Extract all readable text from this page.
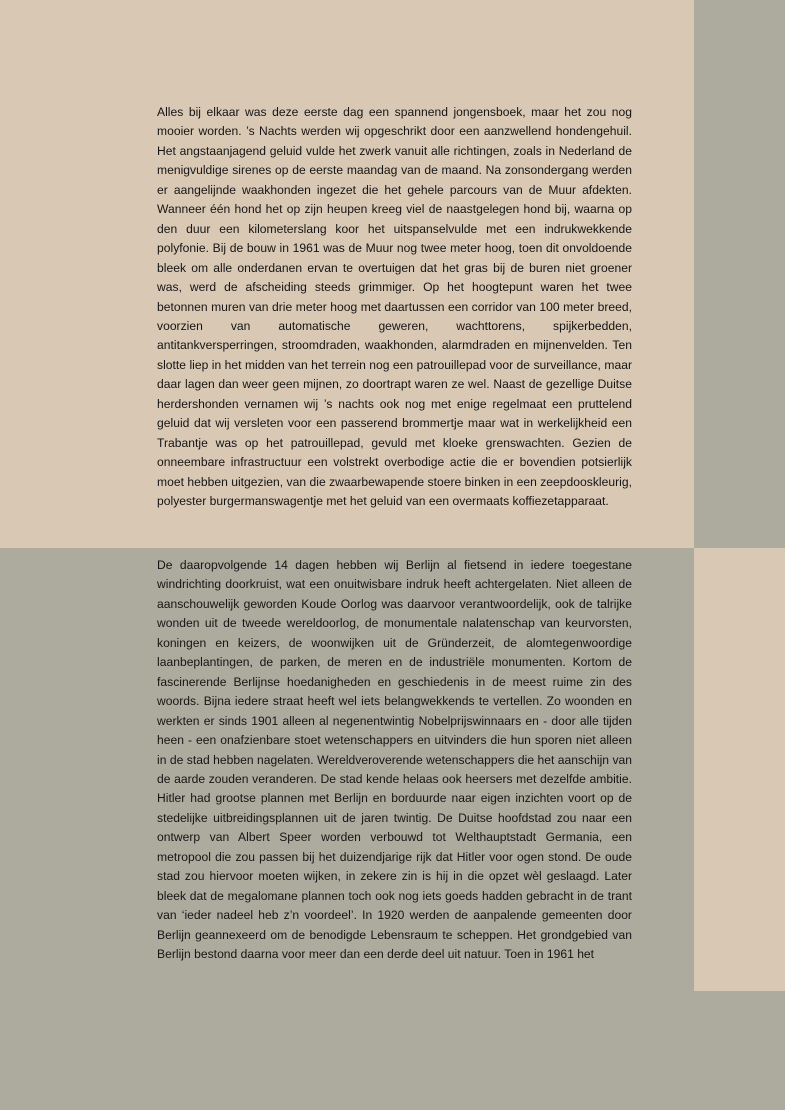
Alles bij elkaar was deze eerste dag een spannend jongensboek, maar het zou nog mooier worden. ’s Nachts werden wij opgeschrikt door een aanzwellend hondengehuil. Het angstaanjagend geluid vulde het zwerk vanuit alle richtingen, zoals in Nederland de menigvuldige sirenes op de eerste maandag van de maand. Na zonsondergang werden er aangelijnde waakhonden ingezet die het gehele parcours van de Muur afdekten. Wanneer één hond het op zijn heupen kreeg viel de naastgelegen hond bij, waarna op den duur een kilometerslang koor het uitspanselvulde met een indrukwekkende polyfonie. Bij de bouw in 1961 was de Muur nog twee meter hoog, toen dit onvoldoende bleek om alle onderdanen ervan te overtuigen dat het gras bij de buren niet groener was, werd de afscheiding steeds grimmiger. Op het hoogtepunt waren het twee betonnen muren van drie meter hoog met daartussen een corridor van 100 meter breed, voorzien van automatische geweren, wachttorens, spijkerbedden, antitankversperringen, stroomdraden, waakhonden, alarmdraden en mijnenvelden. Ten slotte liep in het midden van het terrein nog een patrouillepad voor de surveillance, maar daar lagen dan weer geen mijnen, zo doortrapt waren ze wel. Naast de gezellige Duitse herdershonden vernamen wij ’s nachts ook nog met enige regelmaat een pruttelend geluid dat wij versleten voor een passerend brommertje maar wat in werkelijkheid een Trabantje was op het patrouillepad, gevuld met kloeke grenswachten. Gezien de onneembare infrastructuur een volstrekt overbodige actie die er bovendien potsierlijk moet hebben uitgezien, van die zwaarbewapende stoere binken in een zeepdooskleurig, polyester burgermanswagentje met het geluid van een overmaats koffiezetapparaat.

De daaropvolgende 14 dagen hebben wij Berlijn al fietsend in iedere toegestane windrichting doorkruist, wat een onuitwisbare indruk heeft achtergelaten. Niet alleen de aanschouwelijk geworden Koude Oorlog was daarvoor verantwoordelijk, ook de talrijke wonden uit de tweede wereldoorlog, de monumentale nalatenschap van keurvorsten, koningen en keizers, de woonwijken uit de Gründerzeit, de alomtegenwoordige laanbeplantingen, de parken, de meren en de industriële monumenten. Kortom de fascinerende Berlijnse hoedanigheden en geschiedenis in de meest ruime zin des woords. Bijna iedere straat heeft wel iets belangwekkends te vertellen. Zo woonden en werkten er sinds 1901 alleen al negenentwintig Nobelprijswinnaars en - door alle tijden heen - een onafzienbare stoet wetenschappers en uitvinders die hun sporen niet alleen in de stad hebben nagelaten. Wereldveroverende wetenschappers die het aanschijn van de aarde zouden veranderen. De stad kende helaas ook heersers met dezelfde ambitie. Hitler had grootse plannen met Berlijn en borduurde naar eigen inzichten voort op de stedelijke uitbreidingsplannen uit de jaren twintig. De Duitse hoofdstad zou naar een ontwerp van Albert Speer worden verbouwd tot Welthauptstadt Germania, een metropool die zou passen bij het duizendjarige rijk dat Hitler voor ogen stond. De oude stad zou hiervoor moeten wijken, in zekere zin is hij in die opzet wèl geslaagd. Later bleek dat de megalomane plannen toch ook nog iets goeds hadden gebracht in de trant van ‘ieder nadeel heb z’n voordeel’. In 1920 werden de aanpalende gemeenten door Berlijn geannexeerd om de benodigde Lebensraum te scheppen. Het grondgebied van Berlijn bestond daarna voor meer dan een derde deel uit natuur. Toen in 1961 het
